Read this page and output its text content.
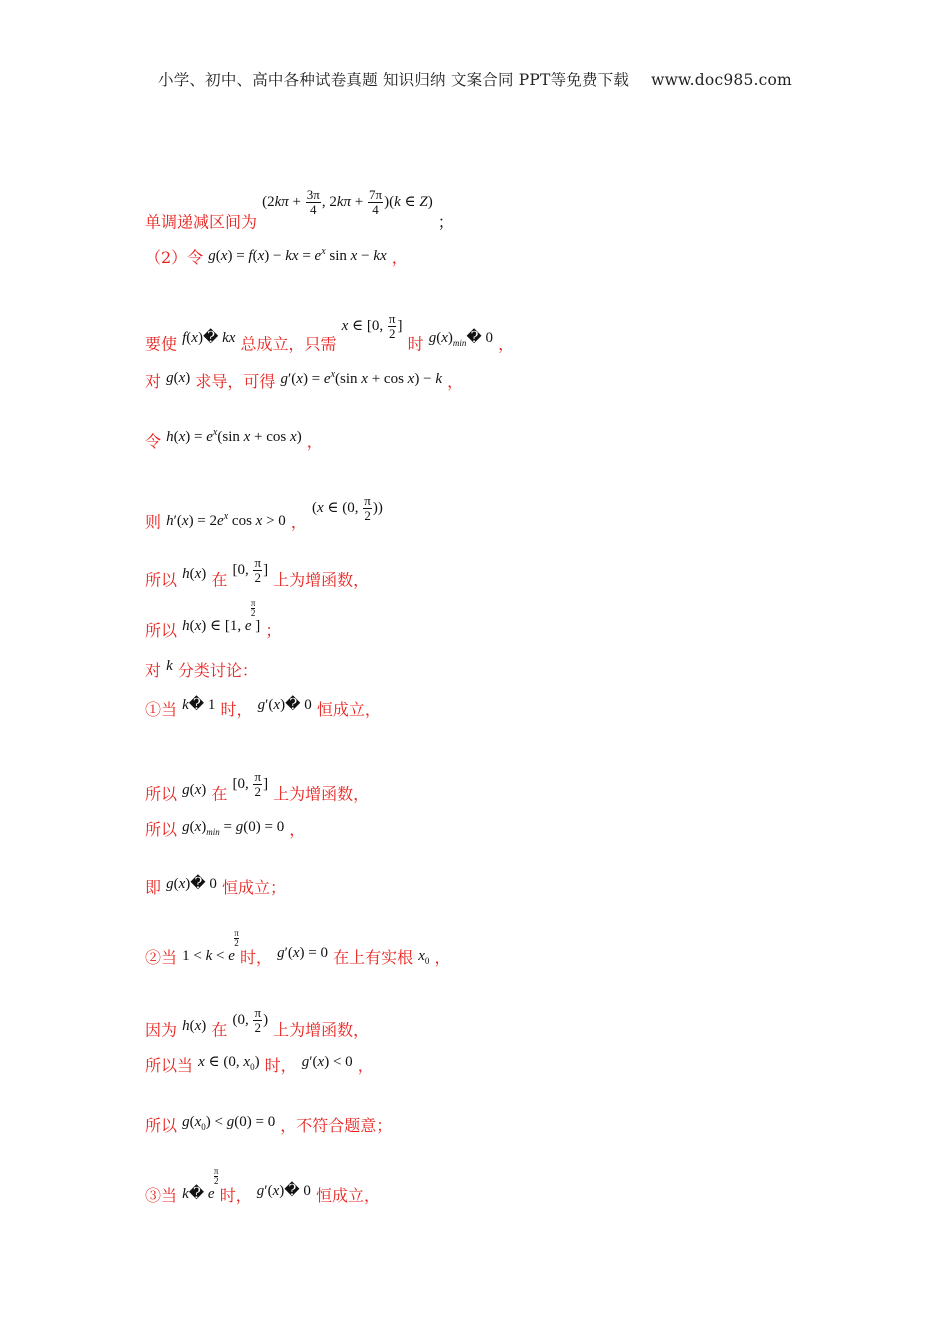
小学、初中、高中各种试卷真题 知识归纳 文案合同 PPT等免费下载 www.doc985.com
单调递减区间为 ($2k\pi + \frac{3\pi}{4}$ , $2k\pi + \frac{7\pi}{4} )(k$ ∈ Z) ；
（2）令 g(x) = f(x) − kx = $e^x$ sin x − kx ，
要使 f(x)� kx 总成立，只需 x ∈ [0, $\frac{\pi}{2}$ ] 时 $g(x)_{min}�$ 0 ，
对 g(x) 求导，可得 $g'(x) = e^x(\sin$ x + cos x) − k ，
令 $h(x) = e^x(\sin$ x + cos x) ，
则 $h'(x) = 2e^x$ cos x > 0 ， (x ∈ (0, $\frac{\pi}{2}$ ))
所以 h(x) 在 [0, $\frac{\pi}{2}$ ] 上为增函数，
所以 h(x) ∈ [1, e
π
2
] ；
对 k 分类讨论：
①当 k� 1 时， g′(x)� 0 恒成立，
所以 g(x) 在 [0, $\frac{\pi}{2}$ ] 上为增函数，
所以 $g(x)_{min} = g(0) = 0$ ，
即 g(x)� 0 恒成立；
②当 1 < k < e
π
2
时， g′(x) = 0 在上有实根 $x_0$ ，
因为 h(x) 在 (0, $\frac{\pi}{2}$ ) 上为增函数，
所以当 x ∈ (0, $x_0$) 时， g′(x) < 0 ，
所以 $g(x_0) < g(0) = 0$ ，不符合题意；
③当 k� e
π
2
时， g′(x)� 0 恒成立，
